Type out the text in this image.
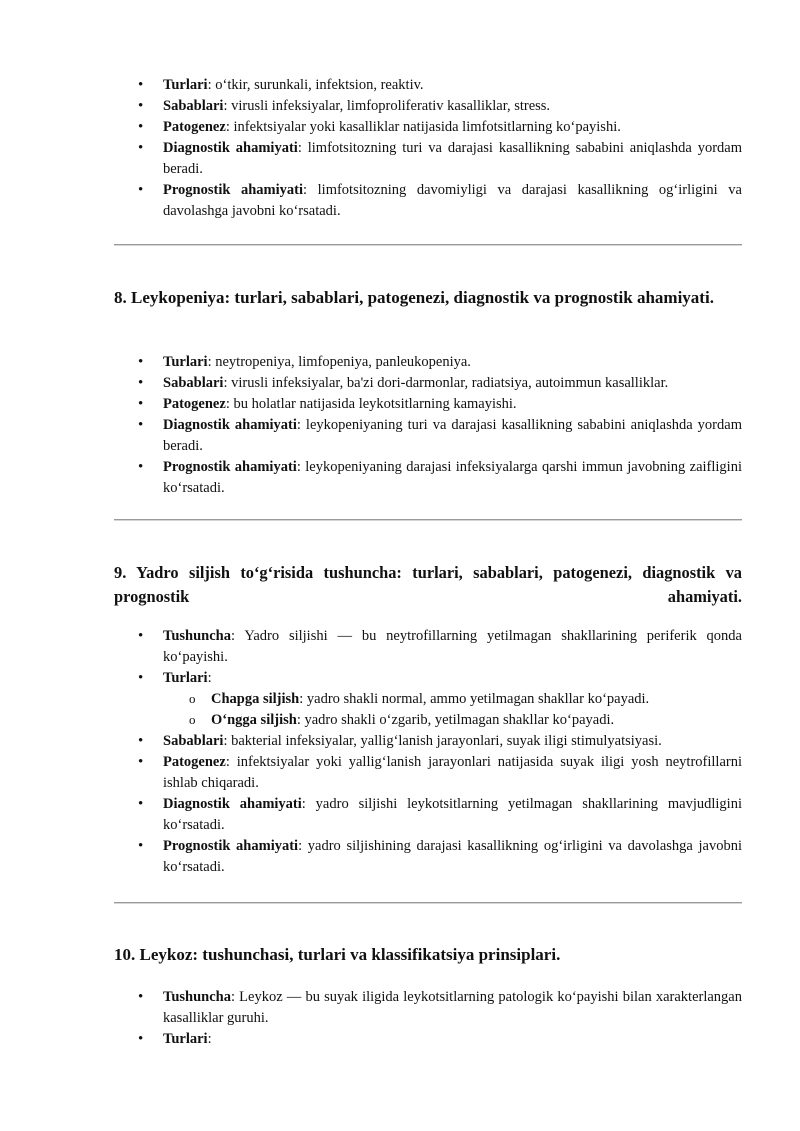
• Turlari: o‘tkir, surunkali, infektsion, reaktiv.
• Sabablari: virusli infeksiyalar, limfoproliferativ kasalliklar, stress.
• Patogenez: infektsiyalar yoki kasalliklar natijasida limfotsitlarning ko‘payishi.
• Diagnostik ahamiyati: limfotsitozning turi va darajasi kasallikning sababini aniqlashda yordam beradi.
• Prognostik ahamiyati: limfotsitozning davomiyligi va darajasi kasallikning og‘irligini va davolashga javobni ko‘rsatadi.
8. Leykopeniya: turlari, sabablari, patogenezi, diagnostik va prognostik ahamiyati.
• Turlari: neytropeniya, limfopeniya, panleukopeniya.
• Sabablari: virusli infeksiyalar, ba'zi dori-darmonlar, radiatsiya, autoimmun kasalliklar.
• Patogenez: bu holatlar natijasida leykotsitlarning kamayishi.
• Diagnostik ahamiyati: leykopeniyaning turi va darajasi kasallikning sababini aniqlashda yordam beradi.
• Prognostik ahamiyati: leykopeniyaning darajasi infeksiyalarga qarshi immun javobning zaifligini ko‘rsatadi.
9. Yadro siljish to‘g‘risida tushuncha: turlari, sabablari, patogenezi, diagnostik va prognostik ahamiyati.
• Tushuncha: Yadro siljishi — bu neytrofillarning yetilmagan shakllarining periferik qonda ko‘payishi.
• Turlari:
o Chapga siljish: yadro shakli normal, ammo yetilmagan shakllar ko‘payadi.
o O‘ngga siljish: yadro shakli o‘zgarib, yetilmagan shakllar ko‘payadi.
• Sabablari: bakterial infeksiyalar, yallig‘lanish jarayonlari, suyak iligi stimulyatsiyasi.
• Patogenez: infektsiyalar yoki yallig‘lanish jarayonlari natijasida suyak iligi yosh neytrofillarni ishlab chiqaradi.
• Diagnostik ahamiyati: yadro siljishi leykotsitlarning yetilmagan shakllarining mavjudligini ko‘rsatadi.
• Prognostik ahamiyati: yadro siljishining darajasi kasallikning og‘irligini va davolashga javobni ko‘rsatadi.
10. Leykoz: tushunchasi, turlari va klassifikatsiya prinsiplari.
• Tushuncha: Leykoz — bu suyak iligida leykotsitlarning patologik ko‘payishi bilan xarakterlangan kasalliklar guruhi.
• Turlari:
